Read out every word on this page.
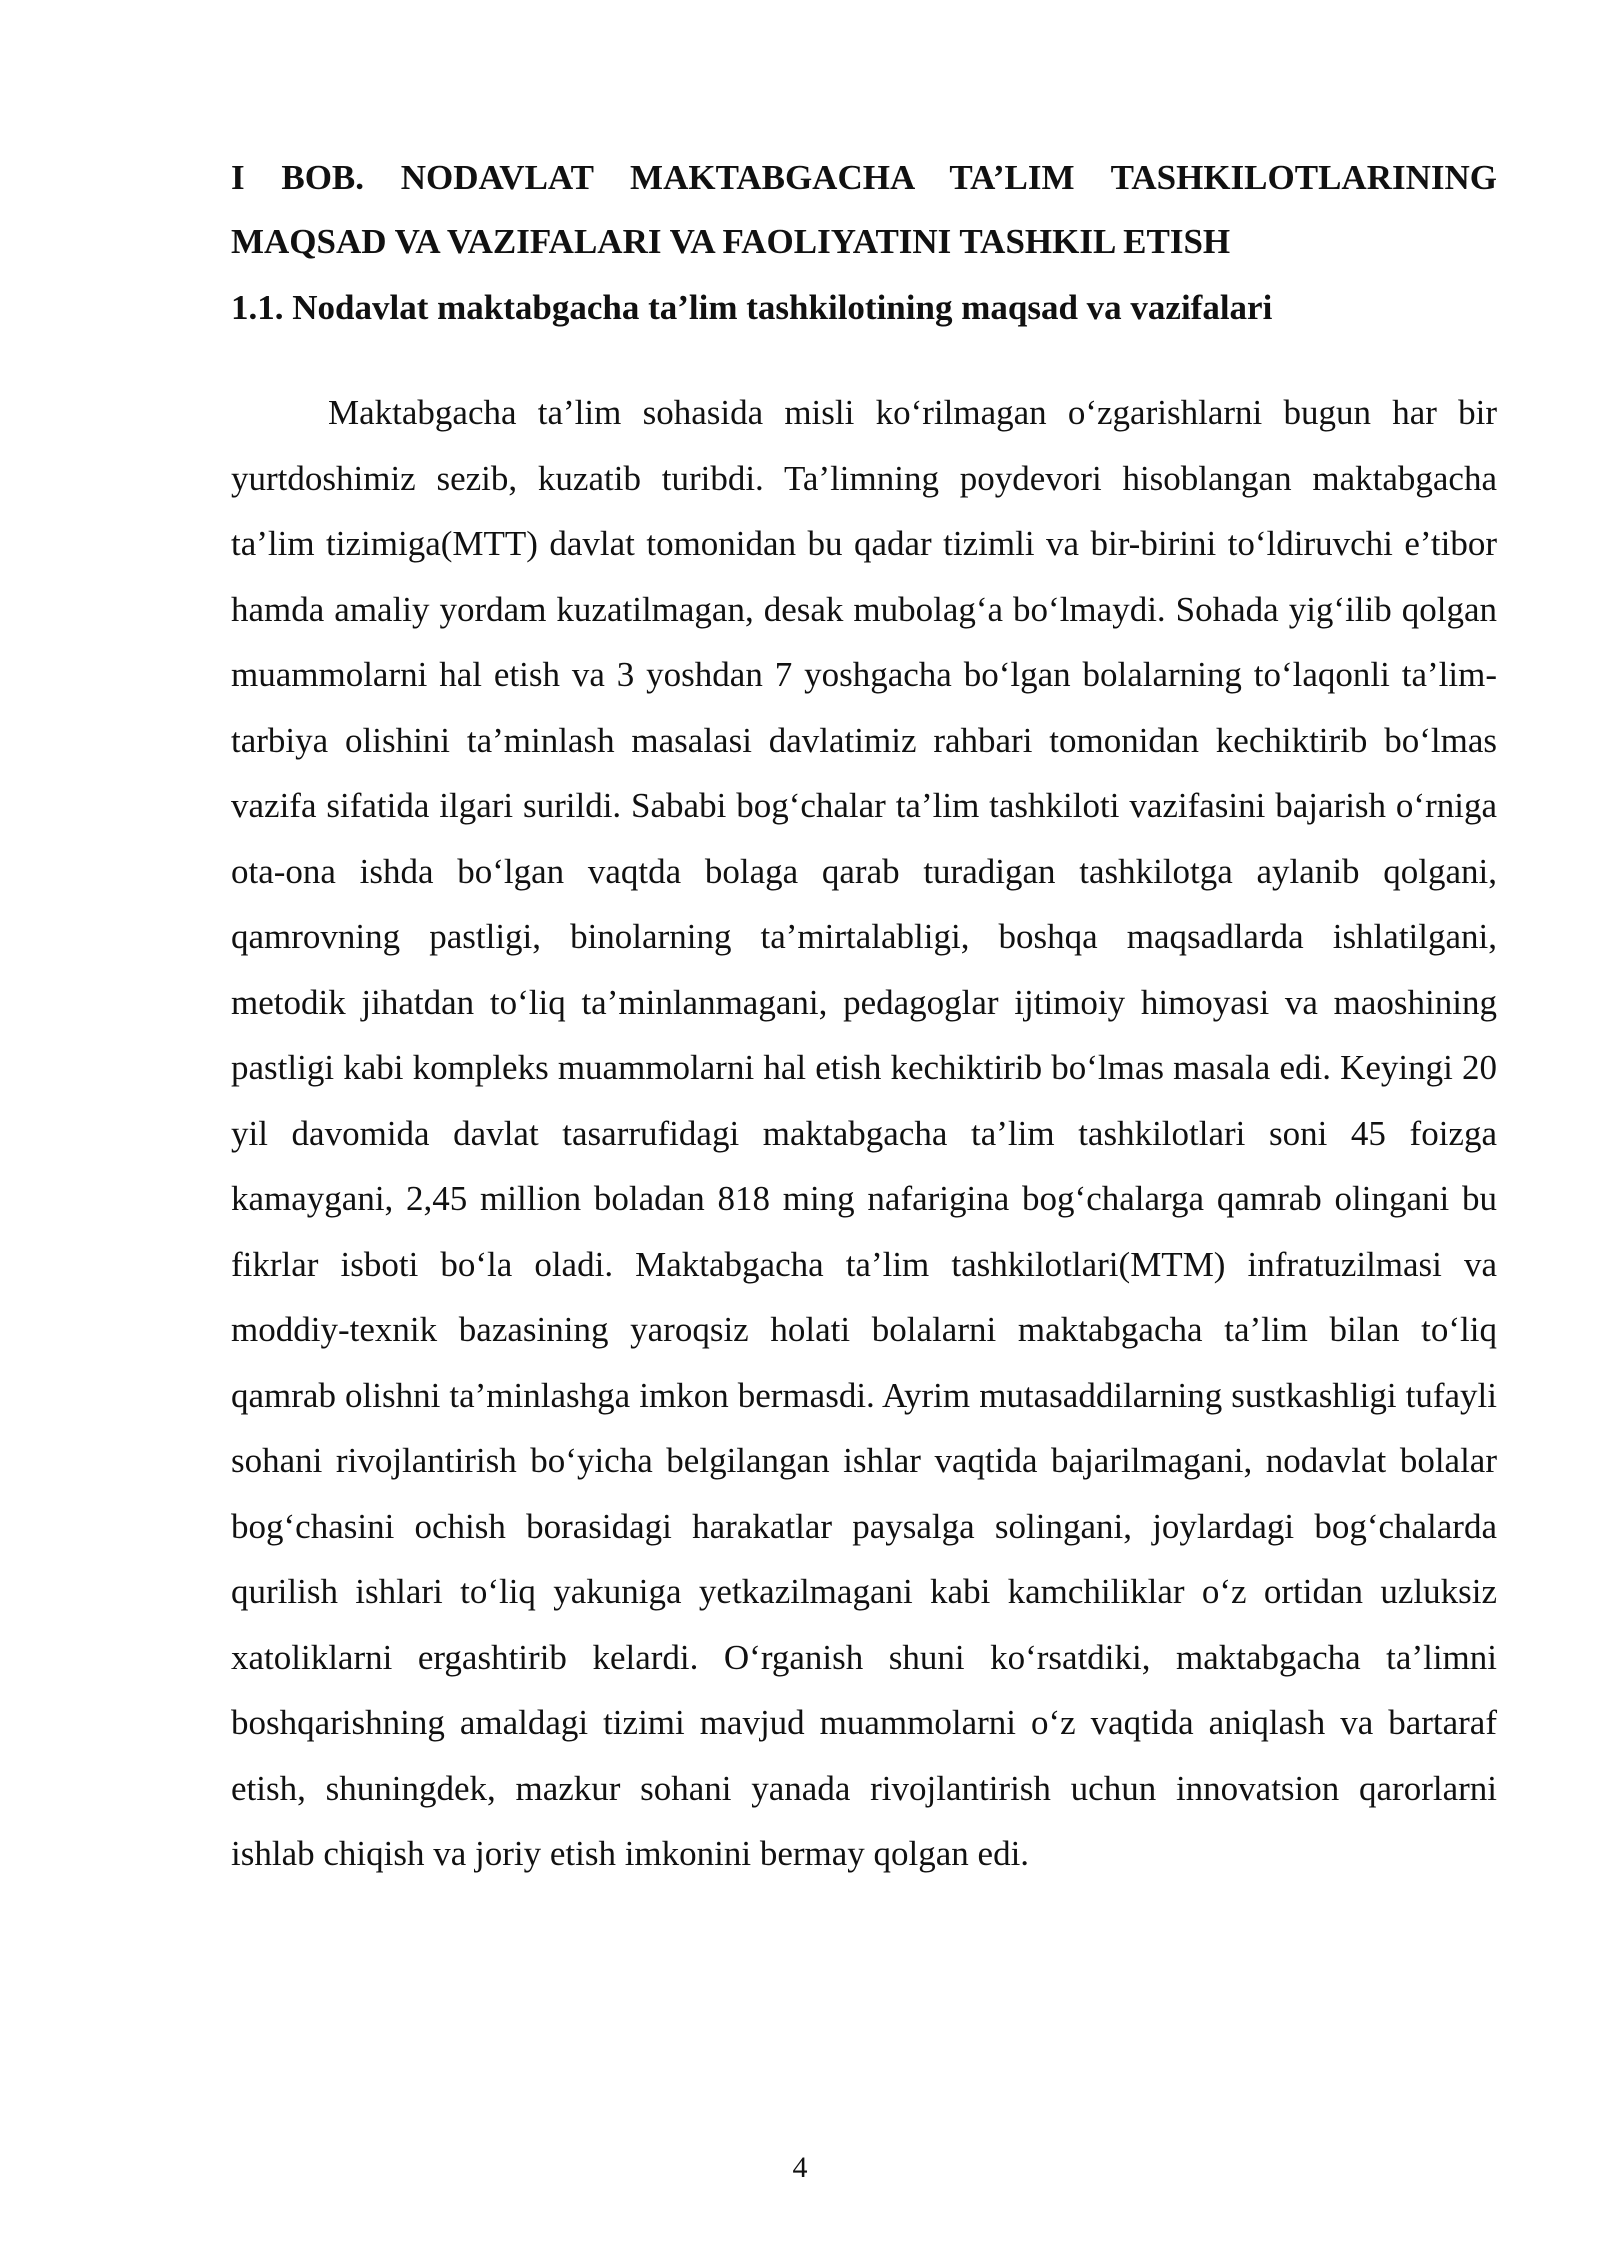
I BOB. NODAVLAT MAKTABGACHA TA’LIM TASHKILOTLARINING
MAQSAD VA VAZIFALARI VA FAOLIYATINI TASHKIL ETISH
1.1. Nodavlat maktabgacha ta’lim tashkilotining maqsad va vazifalari

Maktabgacha ta’lim sohasida misli ko‘rilmagan o‘zgarishlarni bugun har bir yurtdoshimiz sezib, kuzatib turibdi. Ta’limning poydevori hisoblangan maktabgacha ta’lim tizimiga(MTT) davlat tomonidan bu qadar tizimli va bir-birini to‘ldiruvchi e’tibor hamda amaliy yordam kuzatilmagan, desak mubolag‘a bo‘lmaydi. Sohada yig‘ilib qolgan muammolarni hal etish va 3 yoshdan 7 yoshgacha bo‘lgan bolalarning to‘laqonli ta’lim-tarbiya olishini ta’minlash masalasi davlatimiz rahbari tomonidan kechiktirib bo‘lmas vazifa sifatida ilgari surildi. Sababi bog‘chalar ta’lim tashkiloti vazifasini bajarish o‘rniga ota-ona ishda bo‘lgan vaqtda bolaga qarab turadigan tashkilotga aylanib qolgani, qamrovning pastligi, binolarning ta’mirtalabligi, boshqa maqsadlarda ishlatilgani, metodik jihatdan to‘liq ta’minlanmagani, pedagoglar ijtimoiy himoyasi va maoshining pastligi kabi kompleks muammolarni hal etish kechiktirib bo‘lmas masala edi. Keyingi 20 yil davomida davlat tasarrufidagi maktabgacha ta’lim tashkilotlari soni 45 foizga kamaygani, 2,45 million boladan 818 ming nafarigina bog‘chalarga qamrab olingani bu fikrlar isboti bo‘la oladi. Maktabgacha ta’lim tashkilotlari(MTM) infratuzilmasi va moddiy-texnik bazasining yaroqsiz holati bolalarni maktabgacha ta’lim bilan to‘liq qamrab olishni ta’minlashga imkon bermasdi. Ayrim mutasaddilarning sustkashligi tufayli sohani rivojlantirish bo‘yicha belgilangan ishlar vaqtida bajarilmagani, nodavlat bolalar bog‘chasini ochish borasidagi harakatlar paysalga solingani, joylardagi bog‘chalarda qurilish ishlari to‘liq yakuniga yetkazilmagani kabi kamchiliklar o‘z ortidan uzluksiz xatoliklarni ergashtirib kelardi. O‘rganish shuni ko‘rsatdiki, maktabgacha ta’limni boshqarishning amaldagi tizimi mavjud muammolarni o‘z vaqtida aniqlash va bartaraf etish, shuningdek, mazkur sohani yanada rivojlantirish uchun innovatsion qarorlarni ishlab chiqish va joriy etish imkonini bermay qolgan edi.

4
